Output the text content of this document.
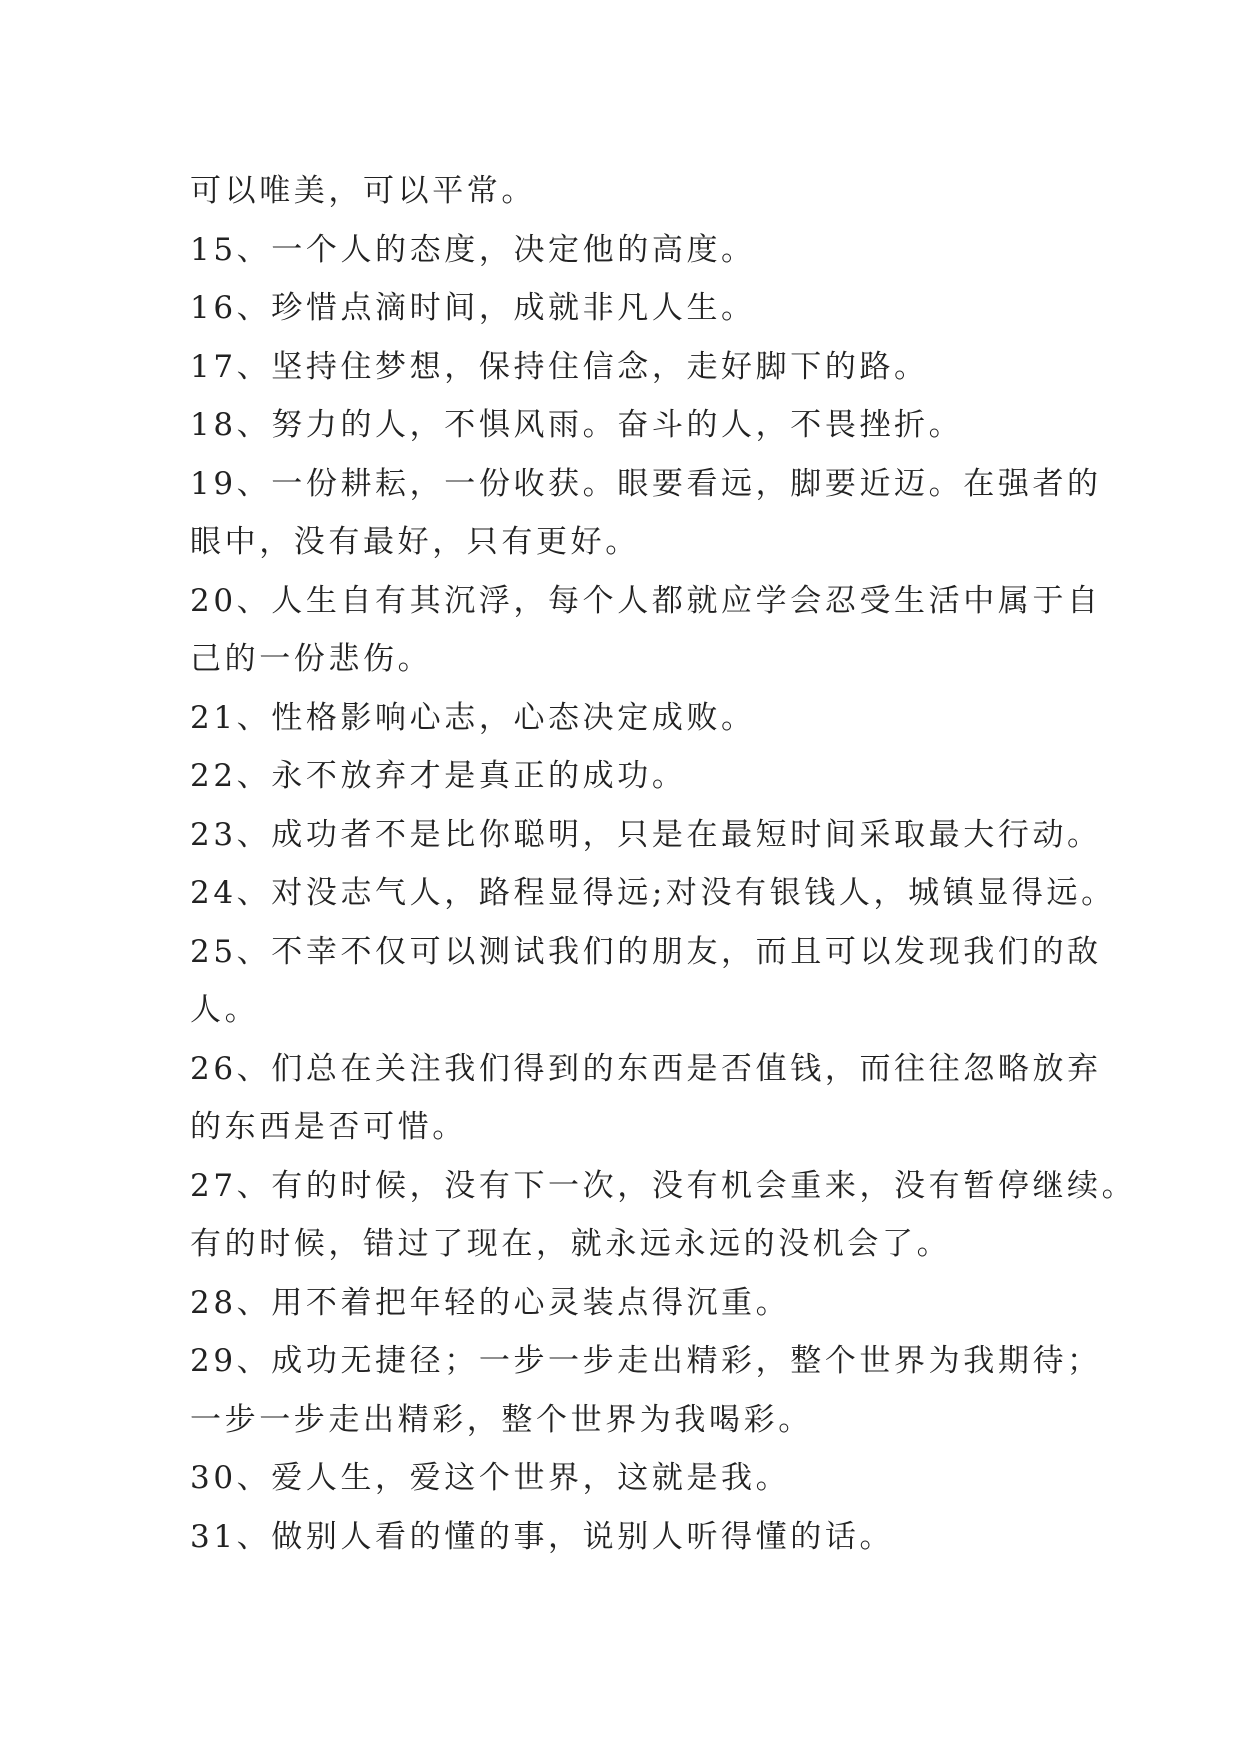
可以唯美，可以平常。
15、一个人的态度，决定他的高度。
16、珍惜点滴时间，成就非凡人生。
17、坚持住梦想，保持住信念，走好脚下的路。
18、努力的人，不惧风雨。奋斗的人，不畏挫折。
19、一份耕耘，一份收获。眼要看远，脚要近迈。在强者的
眼中，没有最好，只有更好。
20、人生自有其沉浮，每个人都就应学会忍受生活中属于自
己的一份悲伤。
21、性格影响心志，心态决定成败。
22、永不放弃才是真正的成功。
23、成功者不是比你聪明，只是在最短时间采取最大行动。
24、对没志气人，路程显得远;对没有银钱人，城镇显得远。
25、不幸不仅可以测试我们的朋友，而且可以发现我们的敌
人。
26、们总在关注我们得到的东西是否值钱，而往往忽略放弃
的东西是否可惜。
27、有的时候，没有下一次，没有机会重来，没有暂停继续。
有的时候，错过了现在，就永远永远的没机会了。
28、用不着把年轻的心灵装点得沉重。
29、成功无捷径；一步一步走出精彩，整个世界为我期待；
一步一步走出精彩，整个世界为我喝彩。
30、爱人生，爱这个世界，这就是我。
31、做别人看的懂的事，说别人听得懂的话。
